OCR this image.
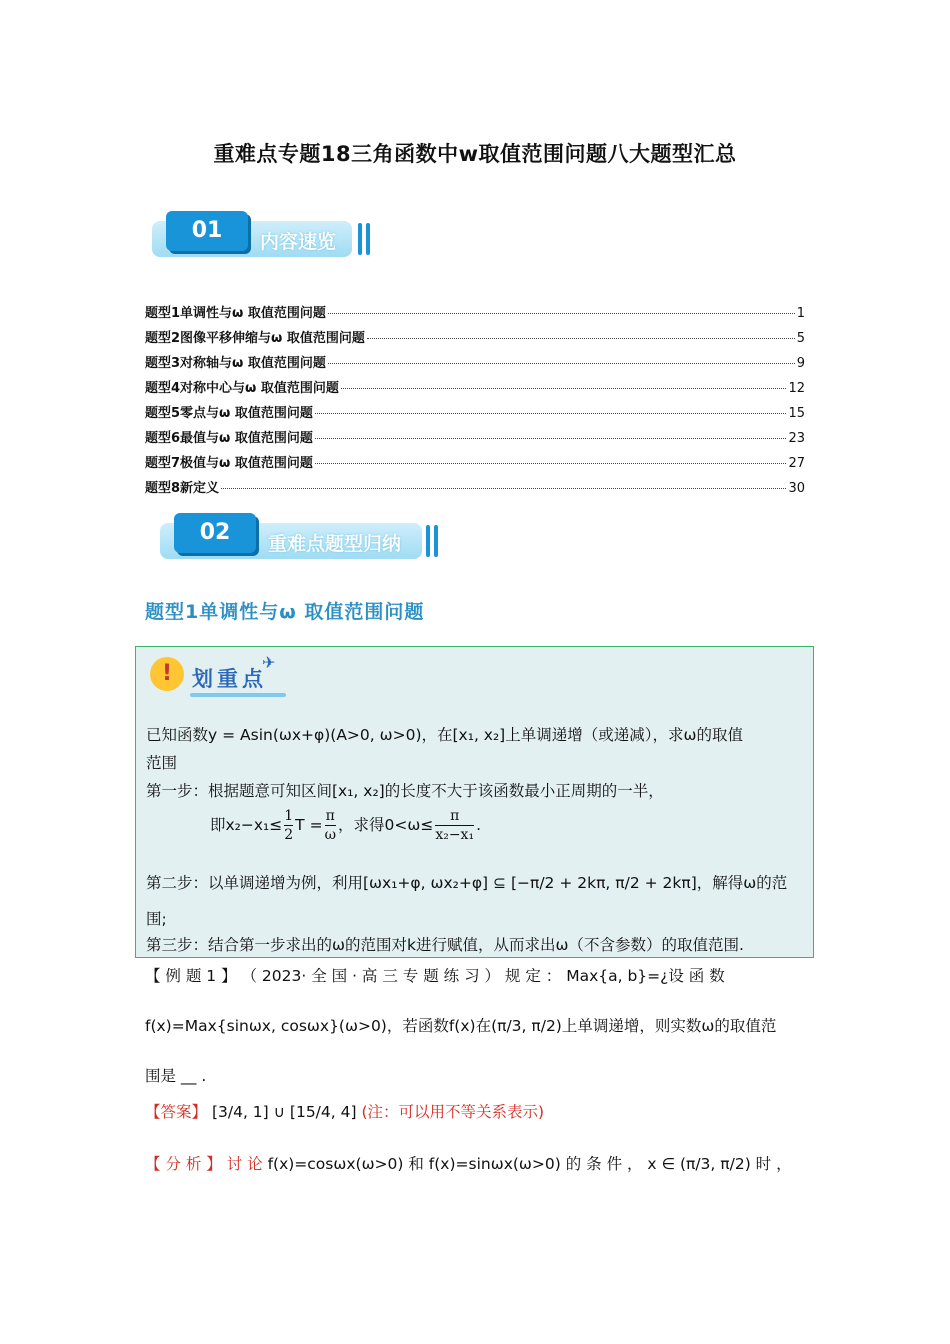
重难点专题18三角函数中w取值范围问题八大题型汇总
01	内容速览
题型1单调性与ω 取值范围问题	1
题型2图像平移伸缩与ω 取值范围问题	5
题型3对称轴与ω 取值范围问题	9
题型4对称中心与ω 取值范围问题	12
题型5零点与ω 取值范围问题	15
题型6最值与ω 取值范围问题	23
题型7极值与ω 取值范围问题	27
题型8新定义	30
02	重难点题型归纳
题型1单调性与ω 取值范围问题
! 划重点
✈
已知函数y = Asin(ωx+φ)(A>0, ω>0)，在[x₁, x₂]上单调递增（或递减），求ω的取值
范围
第一步：根据题意可知区间[x₁, x₂]的长度不大于该函数最小正周期的一半，
即$x_2-x_1\le \frac{1}{2}$ $T = \frac{\pi}{\omega}$ ，求得$0<\omega\le \frac{\pi}{\text{x₂−x₁}}$ .
第二步：以单调递增为例，利用[ωx₁+φ, ωx₂+φ] ⊆ [−π/2 + 2kπ, π/2 + 2kπ]，解得ω的范
围;
第三步：结合第一步求出的ω的范围对k进行赋值，从而求出ω（不含参数）的取值范围.
【 例 题 1 】 （ 2023· 全 国 · 高 三 专 题 练 习 ） 规 定 ： Max{a, b}=¿设 函 数
f(x)=Max{sinωx, cosωx}(ω>0)，若函数f(x)在(π/3, π/2)上单调递增，则实数ω的取值范
围是 __ .
【答案】 [3/4, 1] ∪ [15/4, 4] (注：可以用不等关系表示)
【 分 析 】 讨 论 f(x)=cosωx(ω>0) 和 f(x)=sinωx(ω>0) 的 条 件 ， x ∈ (π/3, π/2) 时 ，
